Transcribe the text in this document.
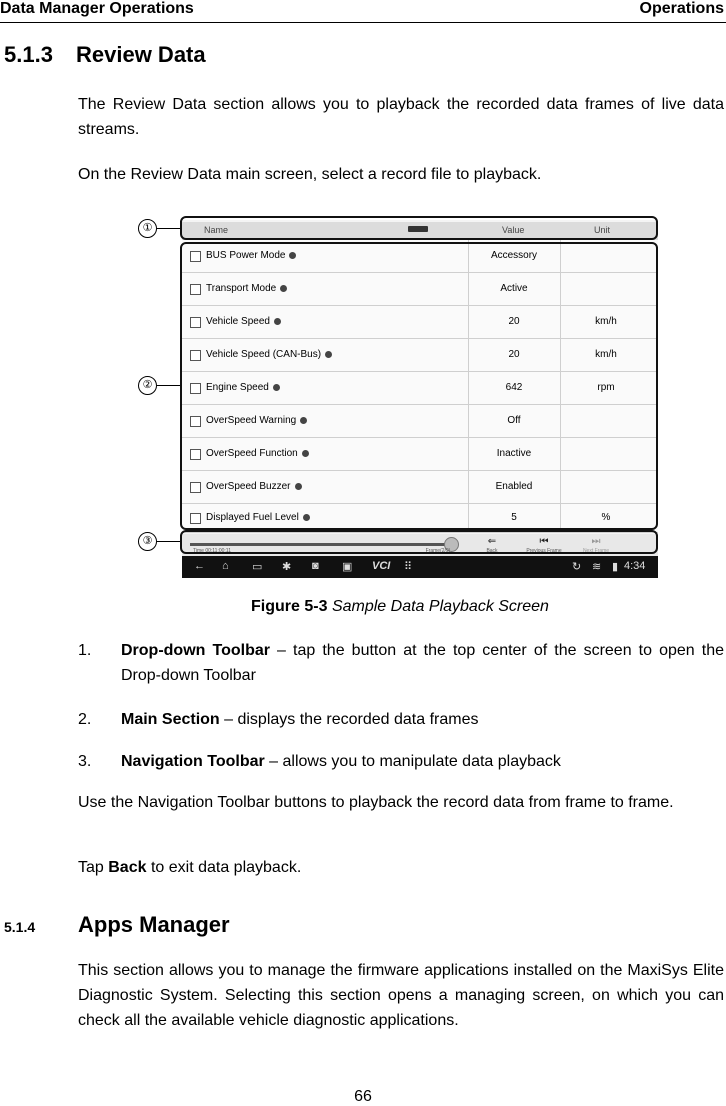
Data Manager Operations	Operations
5.1.3 Review Data
The Review Data section allows you to playback the recorded data frames of live data streams.
On the Review Data main screen, select a record file to playback.
①
②
③
Name	Value	Unit
BUS Power Mode	Accessory
Transport Mode	Active
Vehicle Speed	20	km/h
Vehicle Speed (CAN-Bus)	20	km/h
Engine Speed	642	rpm
OverSpeed Warning	Off
OverSpeed Function	Inactive
OverSpeed Buzzer	Enabled
Displayed Fuel Level	5	%
Time 00:11:00:11	Frame(2/9)
⇐
Back
⏮
Previous Frame
⏭
Next Frame
← ⌂ ▭ ✱ ◙ ▣ VCI ⠿	↻ ≋ ▮ 4:34
Figure 5-3 Sample Data Playback Screen
1. Drop-down Toolbar – tap the button at the top center of the screen to open the Drop-down Toolbar
2. Main Section – displays the recorded data frames
3. Navigation Toolbar – allows you to manipulate data playback
Use the Navigation Toolbar buttons to playback the record data from frame to frame.
Tap Back to exit data playback.
5.1.4 Apps Manager
This section allows you to manage the firmware applications installed on the MaxiSys Elite Diagnostic System. Selecting this section opens a managing screen, on which you can check all the available vehicle diagnostic applications.
66
